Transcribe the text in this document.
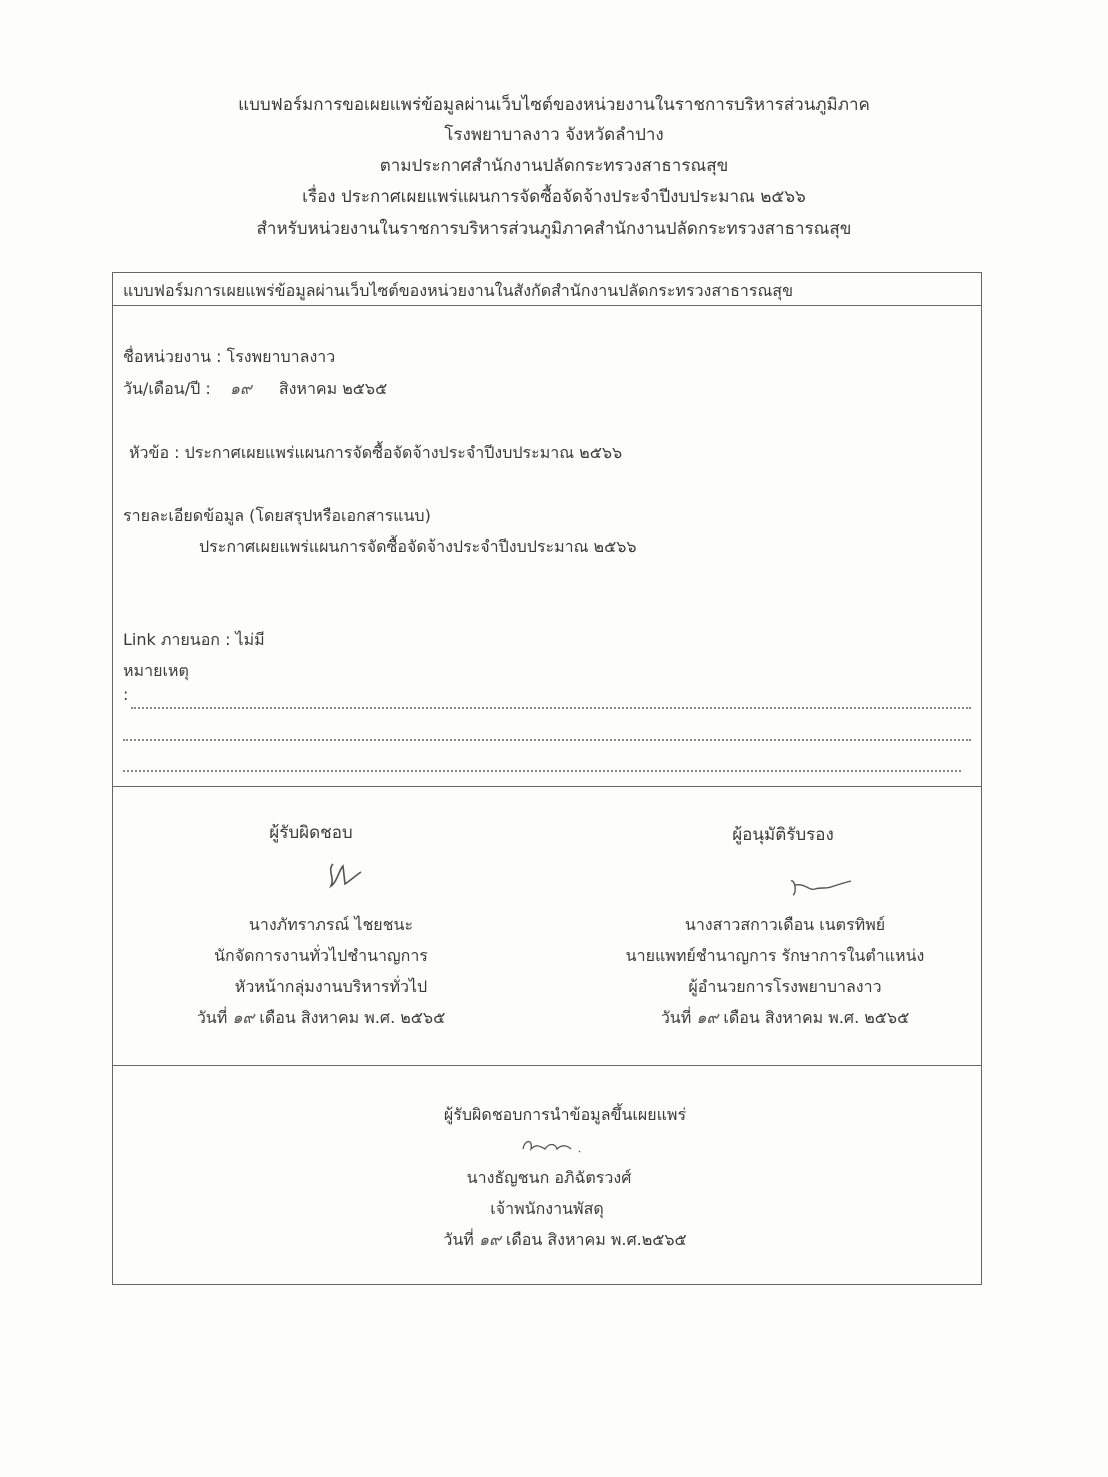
แบบฟอร์มการขอเผยแพร่ข้อมูลผ่านเว็บไซต์ของหน่วยงานในราชการบริหารส่วนภูมิภาค
โรงพยาบาลงาว จังหวัดลำปาง
ตามประกาศสำนักงานปลัดกระทรวงสาธารณสุข
เรื่อง ประกาศเผยแพร่แผนการจัดซื้อจัดจ้างประจำปีงบประมาณ ๒๕๖๖
สำหรับหน่วยงานในราชการบริหารส่วนภูมิภาคสำนักงานปลัดกระทรวงสาธารณสุข
แบบฟอร์มการเผยแพร่ข้อมูลผ่านเว็บไซต์ของหน่วยงานในสังกัดสำนักงานปลัดกระทรวงสาธารณสุข
ชื่อหน่วยงาน : โรงพยาบาลงาว
วัน/เดือน/ปี : ๑๙ สิงหาคม ๒๕๖๕
หัวข้อ : ประกาศเผยแพร่แผนการจัดซื้อจัดจ้างประจำปีงบประมาณ ๒๕๖๖
รายละเอียดข้อมูล (โดยสรุปหรือเอกสารแนบ)
ประกาศเผยแพร่แผนการจัดซื้อจัดจ้างประจำปีงบประมาณ ๒๕๖๖
Link ภายนอก : ไม่มี
หมายเหตุ
:
ผู้รับผิดชอบ
นางภัทราภรณ์ ไชยชนะ
นักจัดการงานทั่วไปชำนาญการ
หัวหน้ากลุ่มงานบริหารทั่วไป
วันที่ ๑๙ เดือน สิงหาคม พ.ศ. ๒๕๖๕
ผู้อนุมัติรับรอง
นางสาวสกาวเดือน เนตรทิพย์
นายแพทย์ชำนาญการ รักษาการในตำแหน่ง
ผู้อำนวยการโรงพยาบาลงาว
วันที่ ๑๙ เดือน สิงหาคม พ.ศ. ๒๕๖๕
ผู้รับผิดชอบการนำข้อมูลขึ้นเผยแพร่
นางธัญชนก อภิฉัตรวงศ์
เจ้าพนักงานพัสดุ
วันที่ ๑๙ เดือน สิงหาคม พ.ศ.๒๕๖๕
